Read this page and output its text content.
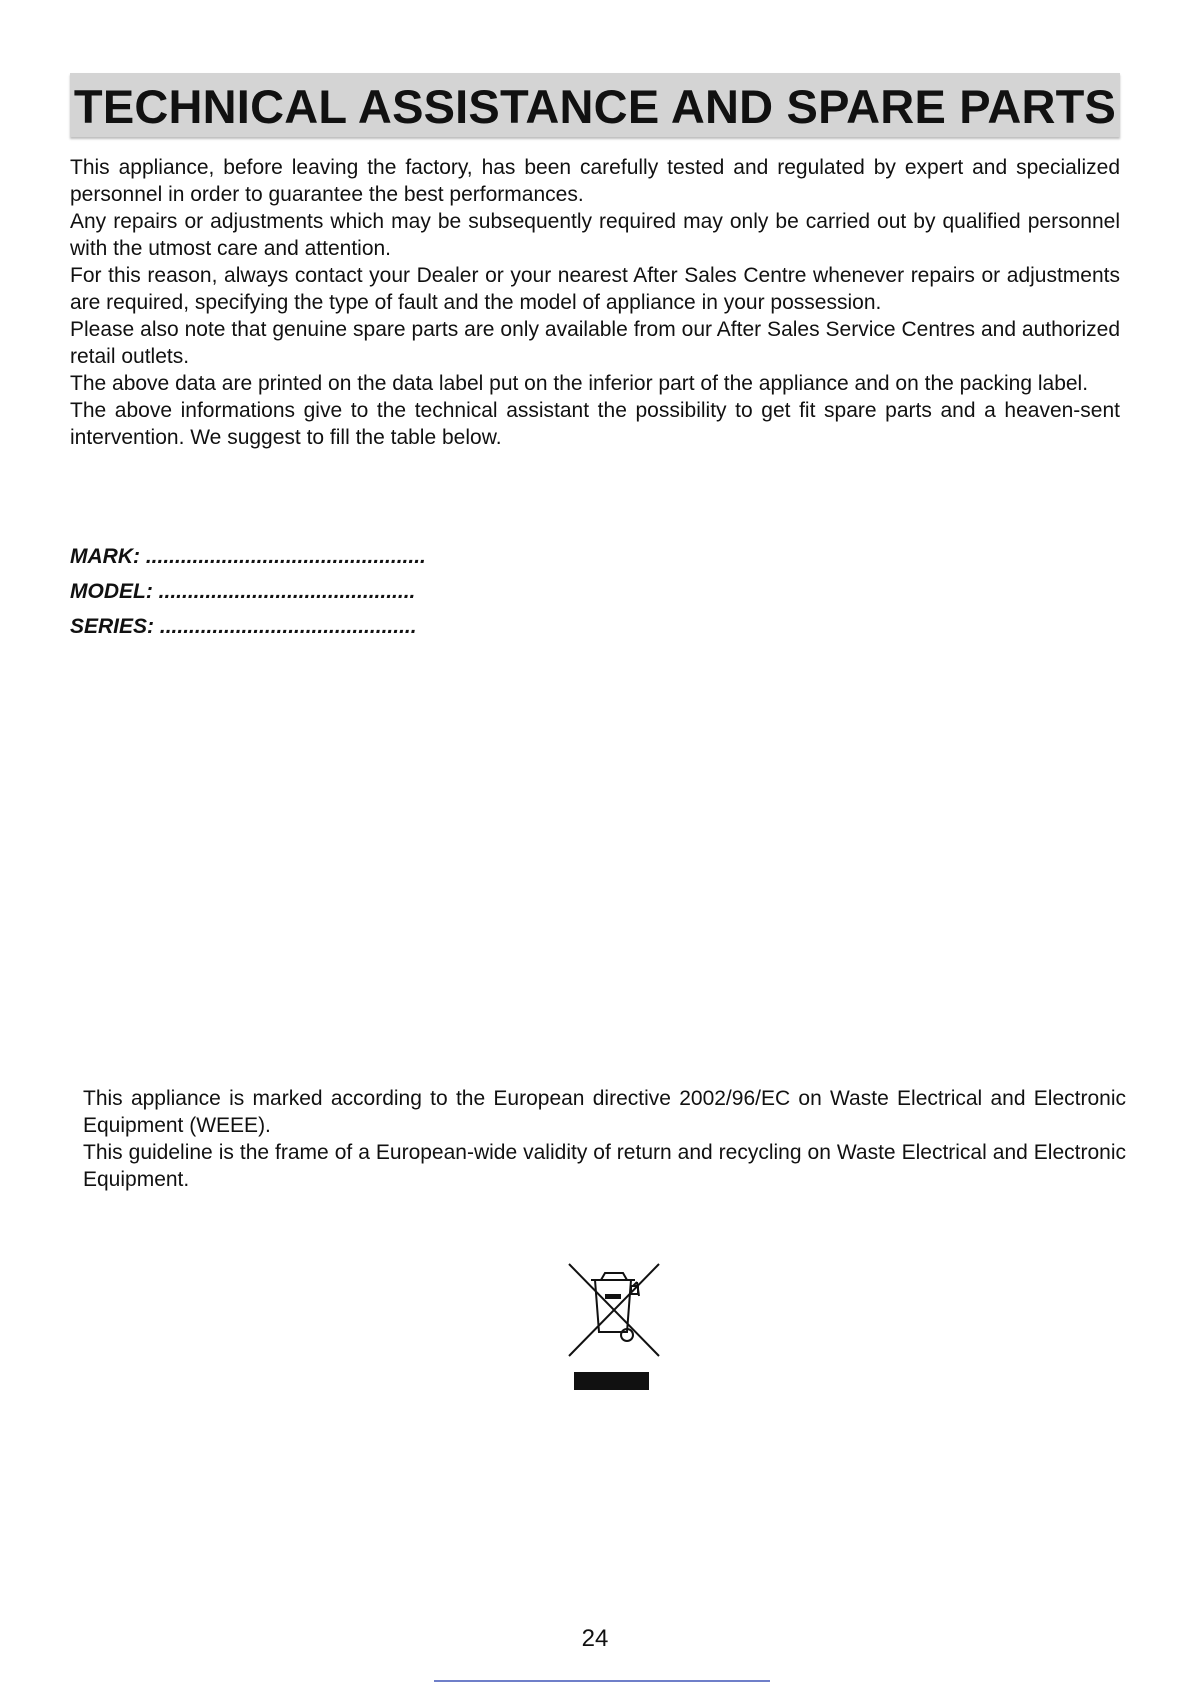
TECHNICAL ASSISTANCE AND SPARE PARTS

This appliance, before leaving the factory, has been carefully tested and regulated by expert and specialized personnel in order to guarantee the best performances.

Any repairs or adjustments which may be subsequently required may only be carried out by qualified personnel with the utmost care and attention.

For this reason, always contact your Dealer or your nearest After Sales Centre whenever repairs or adjustments are required, specifying the type of fault and the model of appliance in your possession.

Please also note that genuine spare parts are only available from our After Sales Service Centres and authorized retail outlets.

The above data are printed on the data label put on the inferior part of the appliance and on the packing label.

The above informations give to the technical assistant the possibility to get fit spare parts and a heaven-sent intervention. We suggest to fill the table below.

MARK: ................................................
MODEL: ............................................
SERIES: ............................................

This appliance is marked according to the European directive 2002/96/EC on Waste Electrical and Electronic Equipment (WEEE).

This guideline is the frame of a European-wide validity of return and recycling on Waste Electrical and Electronic Equipment.

24
